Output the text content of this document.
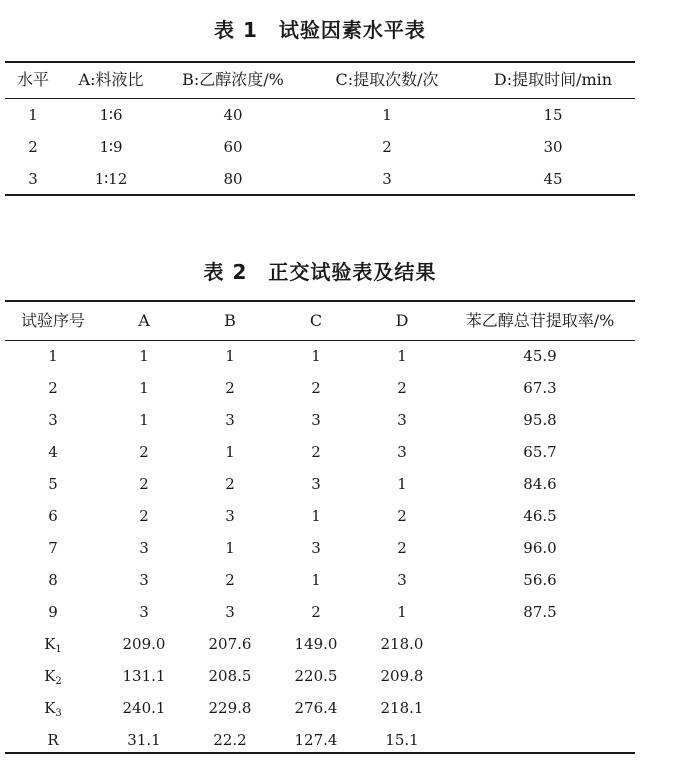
表 1　试验因素水平表
水平	A:料液比	B:乙醇浓度/%	C:提取次数/次	D:提取时间/min
1	1∶6	40	1	15
2	1∶9	60	2	30
3	1∶12	80	3	45
表 2　正交试验表及结果
试验序号	A	B	C	D	苯乙醇总苷提取率/%
1	1	1	1	1	45.9
2	1	2	2	2	67.3
3	1	3	3	3	95.8
4	2	1	2	3	65.7
5	2	2	3	1	84.6
6	2	3	1	2	46.5
7	3	1	3	2	96.0
8	3	2	1	3	56.6
9	3	3	2	1	87.5
$K_1$	209.0	207.6	149.0	218.0
$K_2$	131.1	208.5	220.5	209.8
$K_3$	240.1	229.8	276.4	218.1
R	31.1	22.2	127.4	15.1
